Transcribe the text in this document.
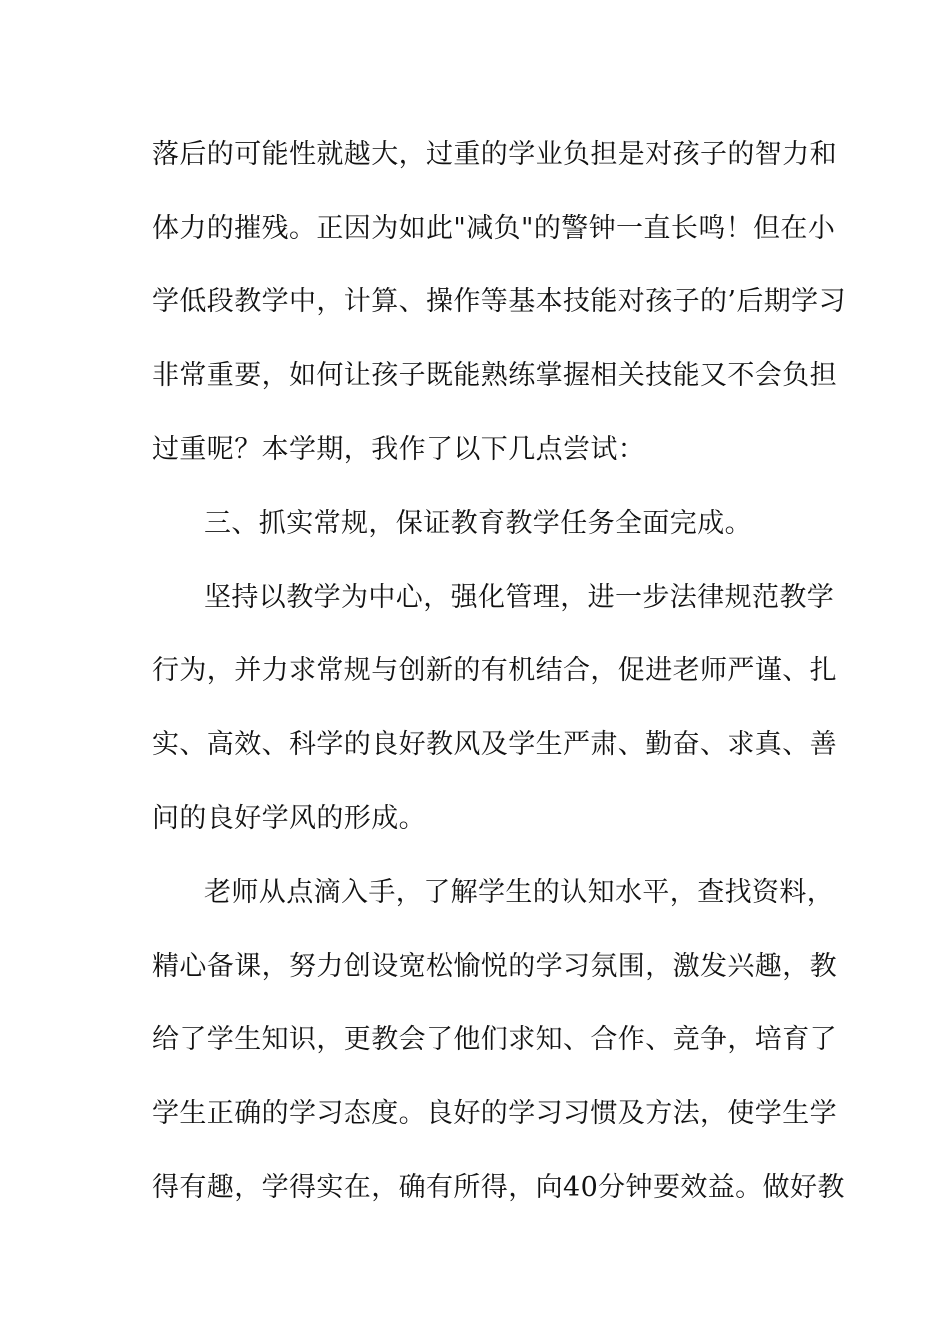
落后的可能性就越大，过重的学业负担是对孩子的智力和
体力的摧残。正因为如此"减负"的警钟一直长鸣！但在小
学低段教学中，计算、操作等基本技能对孩子的’后期学习
非常重要，如何让孩子既能熟练掌握相关技能又不会负担
过重呢？本学期，我作了以下几点尝试：
三、抓实常规，保证教育教学任务全面完成。
坚持以教学为中心，强化管理，进一步法律规范教学
行为，并力求常规与创新的有机结合，促进老师严谨、扎
实、高效、科学的良好教风及学生严肃、勤奋、求真、善
问的良好学风的形成。
老师从点滴入手，了解学生的认知水平，查找资料，
精心备课，努力创设宽松愉悦的学习氛围，激发兴趣，教
给了学生知识，更教会了他们求知、合作、竞争，培育了
学生正确的学习态度。良好的学习习惯及方法，使学生学
得有趣，学得实在，确有所得，向40分钟要效益。做好教
